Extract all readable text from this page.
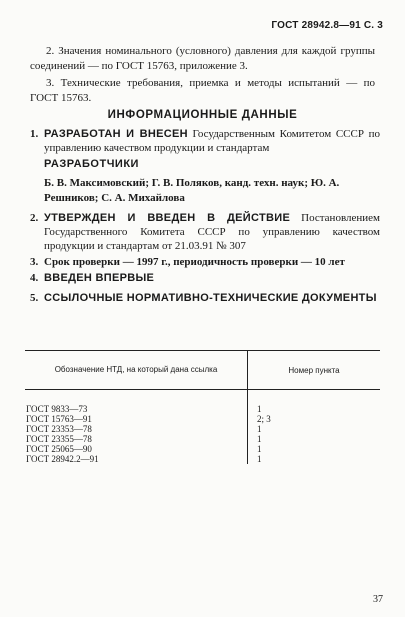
ГОСТ 28942.8—91 С. 3
2. Значения номинального (условного) давления для каждой группы соединений — по ГОСТ 15763, приложение 3.
3. Технические требования, приемка и методы испытаний — по ГОСТ 15763.
ИНФОРМАЦИОННЫЕ ДАННЫЕ
1. РАЗРАБОТАН И ВНЕСЕН Государственным Комитетом СССР по управлению качеством продукции и стандартам
РАЗРАБОТЧИКИ
Б. В. Максимовский; Г. В. Поляков, канд. техн. наук; Ю. А. Решников; С. А. Михайлова
2. УТВЕРЖДЕН И ВВЕДЕН В ДЕЙСТВИЕ Постановлением Государственного Комитета СССР по управлению качеством продукции и стандартам от 21.03.91 № 307
3. Срок проверки — 1997 г., периодичность проверки — 10 лет
4. ВВЕДЕН ВПЕРВЫЕ
5. ССЫЛОЧНЫЕ НОРМАТИВНО-ТЕХНИЧЕСКИЕ ДОКУМЕНТЫ
Обозначение НТД, на который дана ссылка	Номер пункта
ГОСТ 9833—73	1
ГОСТ 15763—91	2; 3
ГОСТ 23353—78	1
ГОСТ 23355—78	1
ГОСТ 25065—90	1
ГОСТ 28942.2—91	1
37
